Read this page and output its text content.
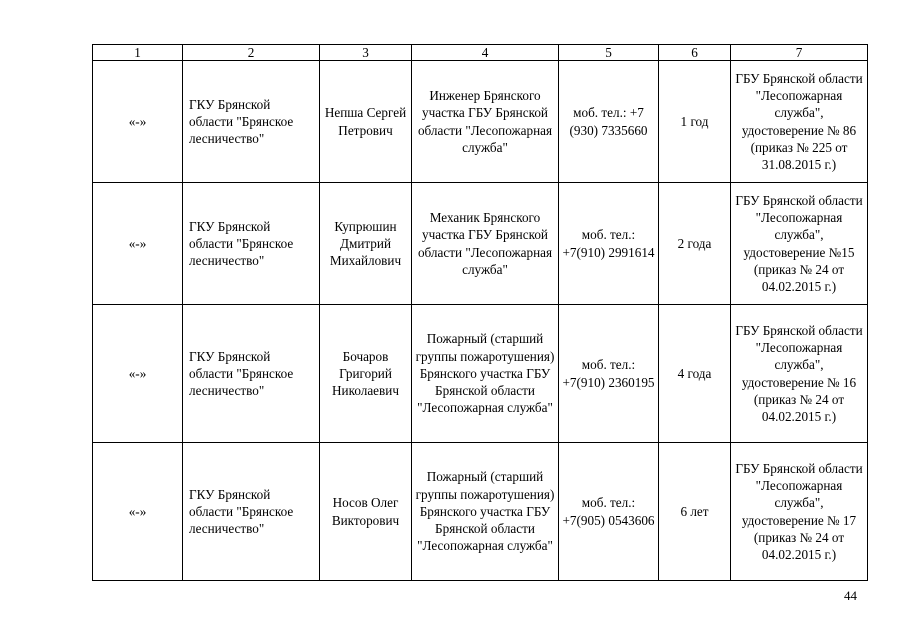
1	2	3	4	5	6	7
«-»	ГКУ Брянской области "Брянское лесничество"	Непша Сергей Петрович	Инженер Брянского участка ГБУ Брянской области "Лесопожарная служба"	моб. тел.: +7 (930) 7335660	1 год	ГБУ Брянской области "Лесопожарная служба", удостоверение № 86 (приказ № 225 от 31.08.2015 г.)
«-»	ГКУ Брянской области "Брянское лесничество"	Купрюшин Дмитрий Михайлович	Механик Брянского участка ГБУ Брянской области "Лесопожарная служба"	моб. тел.: +7(910) 2991614	2 года	ГБУ Брянской области "Лесопожарная служба", удостоверение №15 (приказ № 24 от 04.02.2015 г.)
«-»	ГКУ Брянской области "Брянское лесничество"	Бочаров Григорий Николаевич	Пожарный (старший группы пожаротушения) Брянского участка ГБУ Брянской области "Лесопожарная служба"	моб. тел.: +7(910) 2360195	4 года	ГБУ Брянской области "Лесопожарная служба", удостоверение № 16 (приказ № 24 от 04.02.2015 г.)
«-»	ГКУ Брянской области "Брянское лесничество"	Носов Олег Викторович	Пожарный (старший группы пожаротушения) Брянского участка ГБУ Брянской области "Лесопожарная служба"	моб. тел.: +7(905) 0543606	6 лет	ГБУ Брянской области "Лесопожарная служба", удостоверение № 17 (приказ № 24 от 04.02.2015 г.)
44
